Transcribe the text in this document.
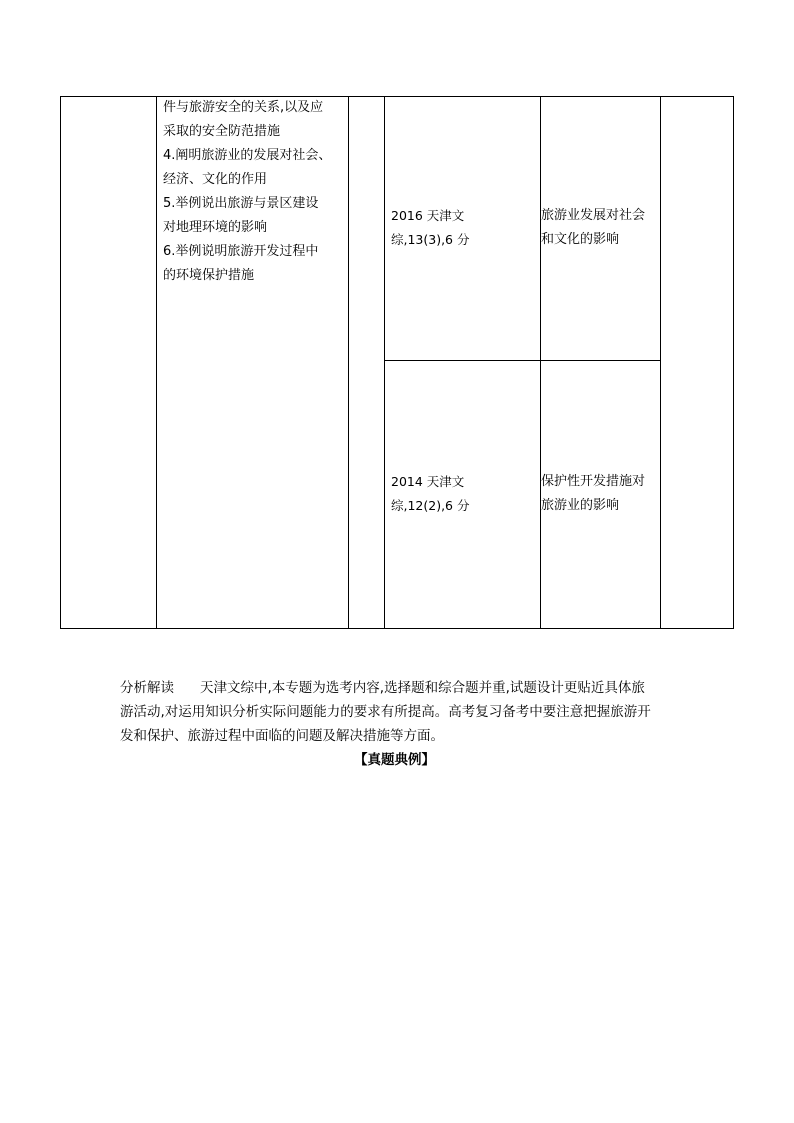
件与旅游安全的关系,以及应
采取的安全防范措施
4.阐明旅游业的发展对社会、
经济、文化的作用
5.举例说出旅游与景区建设
对地理环境的影响
6.举例说明旅游开发过程中
的环境保护措施
2016 天津文
综,13(3),6 分
旅游业发展对社会
和文化的影响
2014 天津文
综,12(2),6 分
保护性开发措施对
旅游业的影响
分析解读 天津文综中,本专题为选考内容,选择题和综合题并重,试题设计更贴近具体旅
游活动,对运用知识分析实际问题能力的要求有所提高。高考复习备考中要注意把握旅游开
发和保护、旅游过程中面临的问题及解决措施等方面。
【真题典例】
